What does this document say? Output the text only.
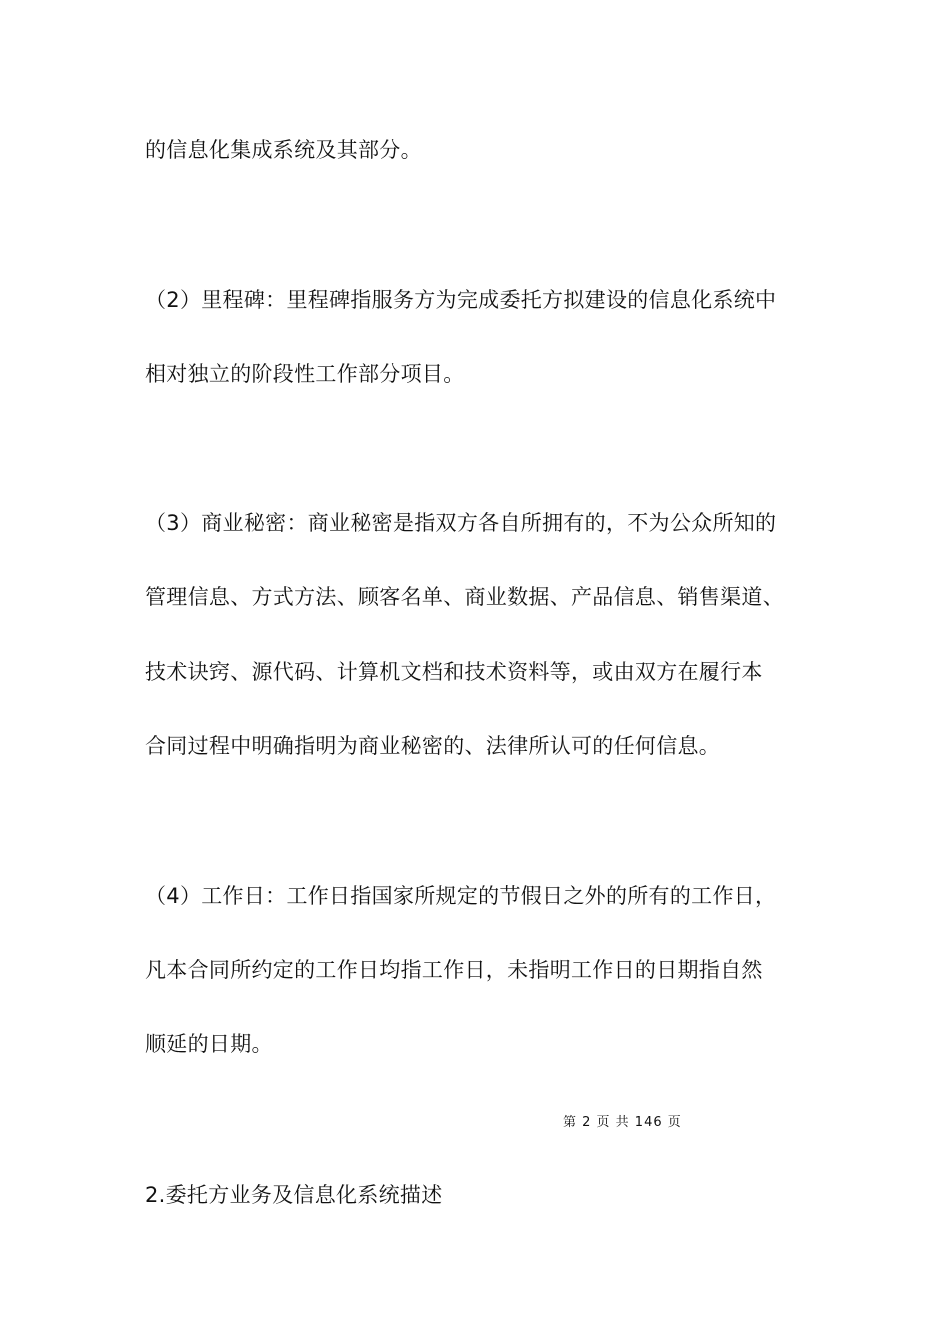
的信息化集成系统及其部分。
（2）里程碑：里程碑指服务方为完成委托方拟建设的信息化系统中
相对独立的阶段性工作部分项目。
（3）商业秘密：商业秘密是指双方各自所拥有的，不为公众所知的
管理信息、方式方法、顾客名单、商业数据、产品信息、销售渠道、
技术诀窍、源代码、计算机文档和技术资料等，或由双方在履行本
合同过程中明确指明为商业秘密的、法律所认可的任何信息。
（4）工作日：工作日指国家所规定的节假日之外的所有的工作日，
凡本合同所约定的工作日均指工作日，未指明工作日的日期指自然
顺延的日期。
第 2 页 共 146 页
2.委托方业务及信息化系统描述
